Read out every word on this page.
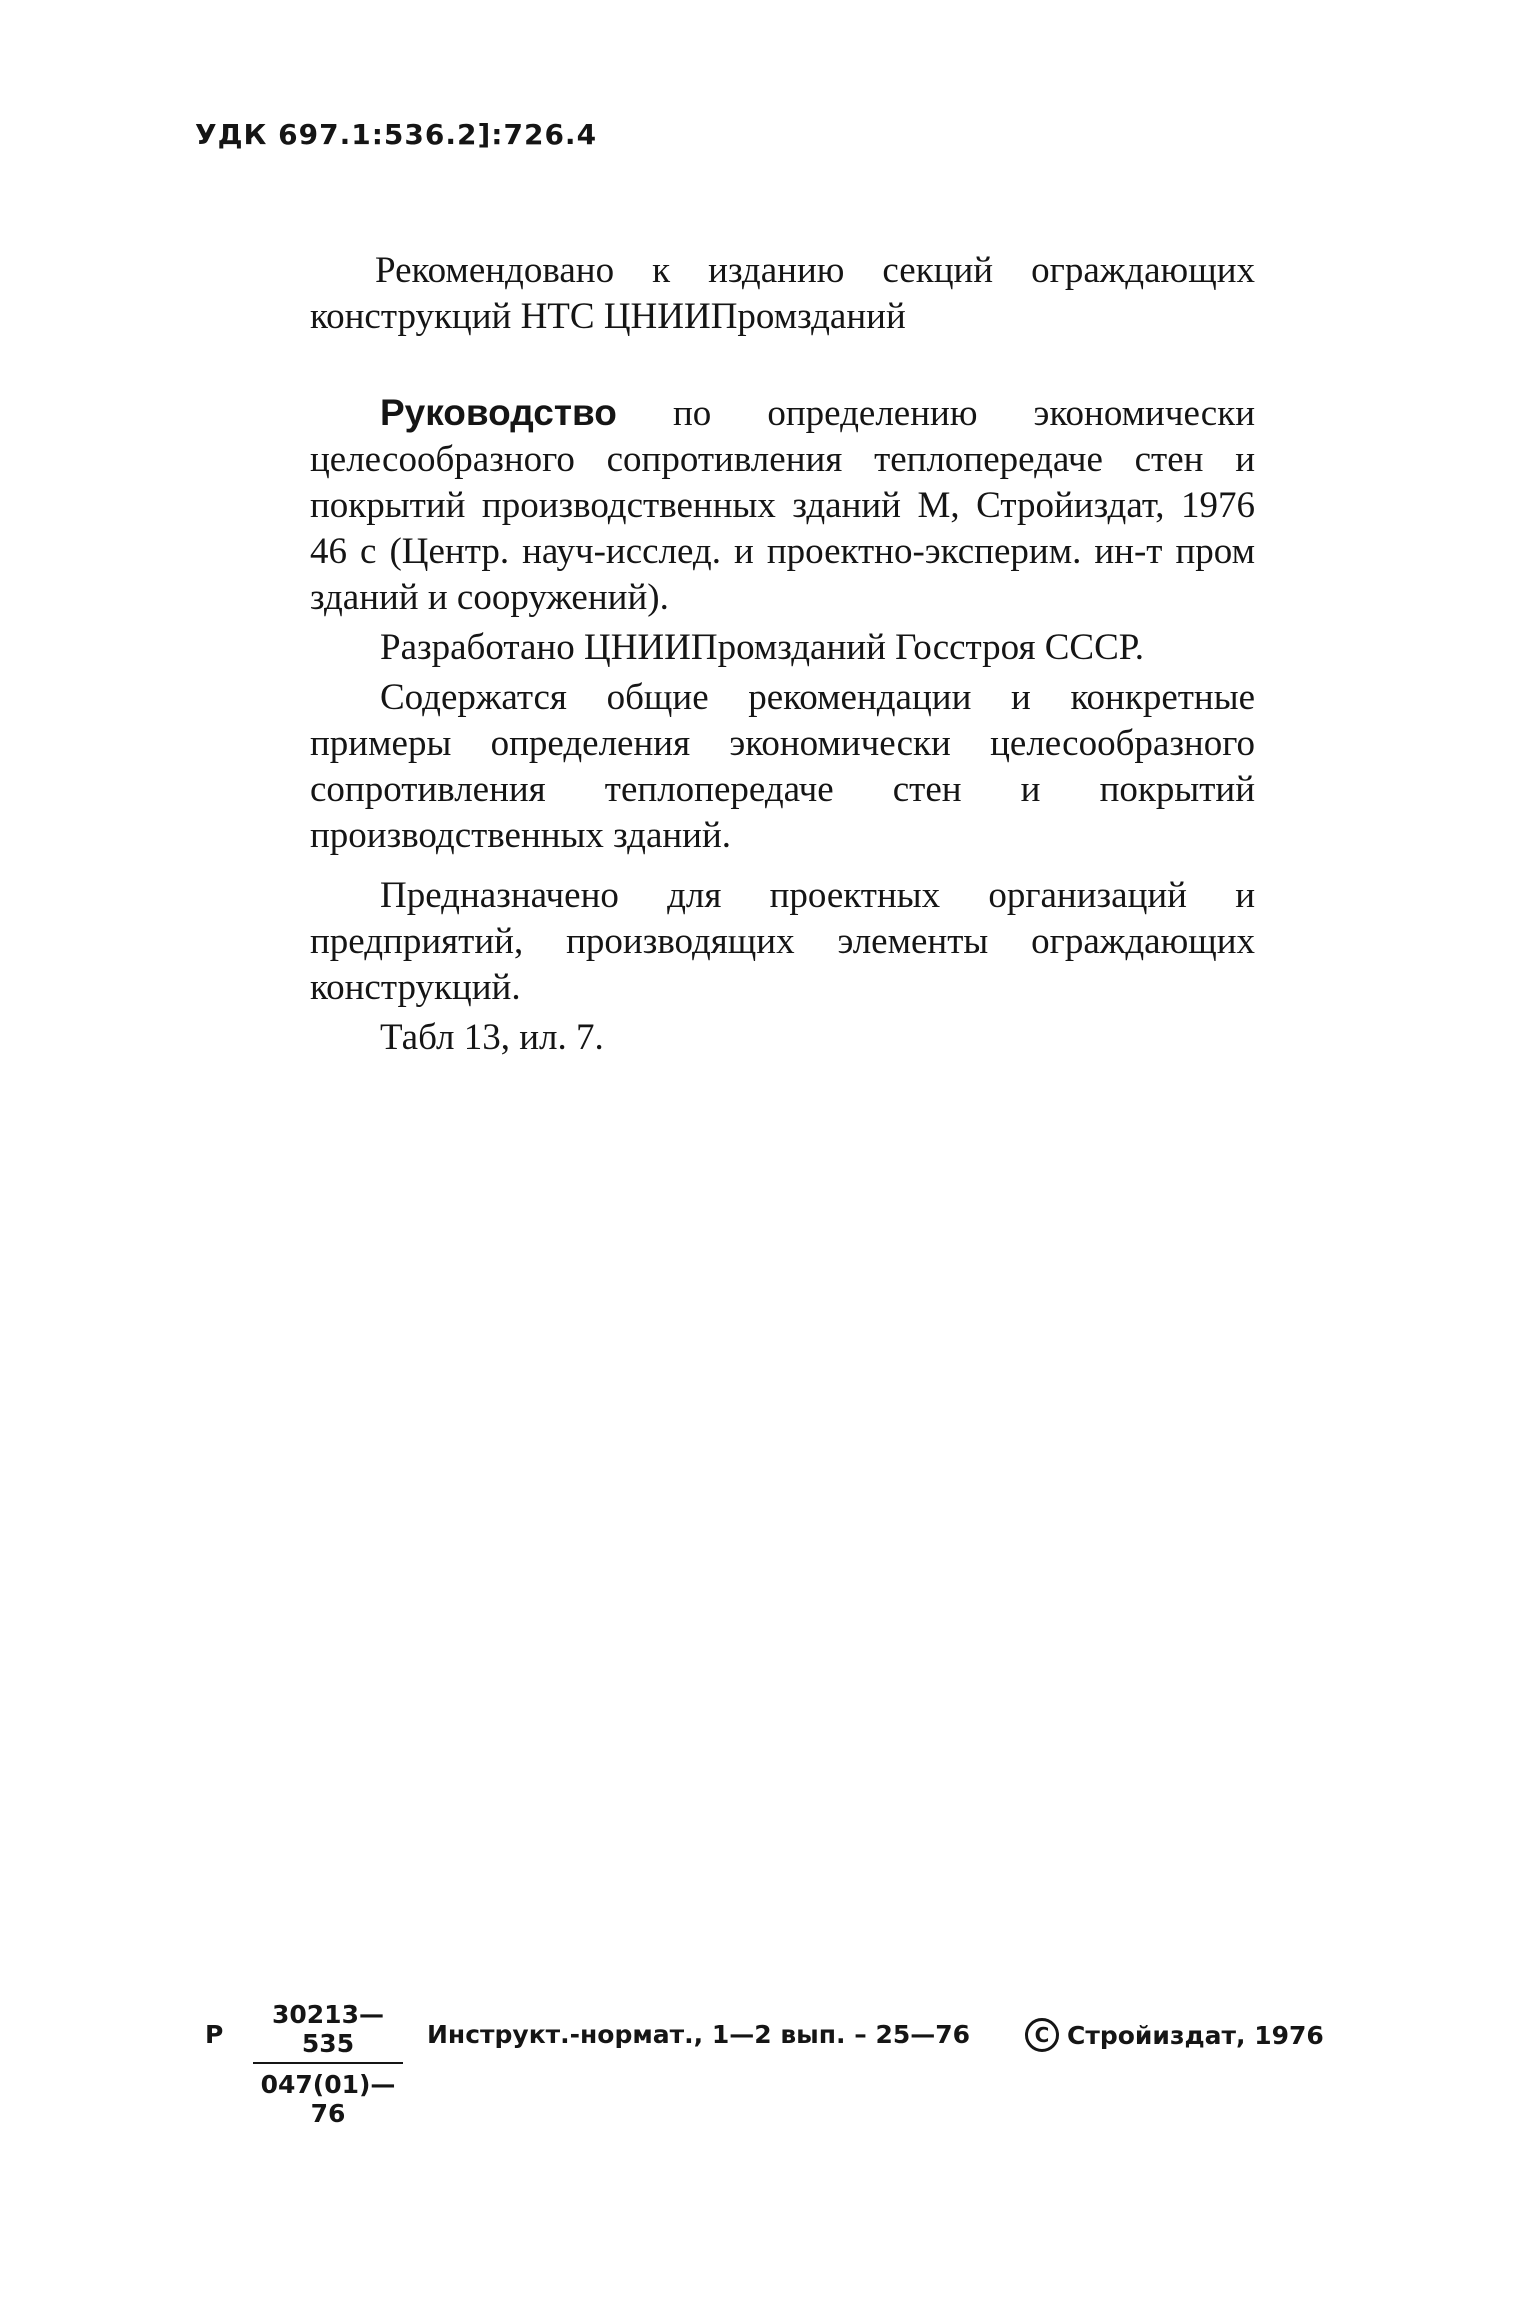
УДК 697.1:536.2]:726.4
Рекомендовано к изданию секций ограждающих конструкций НТС ЦНИИПромзданий

Руководство по определению экономически целесообразного сопротивления теплопередаче стен и покрытий производственных зданий М, Стройиздат, 1976 46 с (Центр. науч-исслед. и проектно-эксперим. ин-т пром зданий и сооружений).

Разработано ЦНИИПромзданий Госстроя СССР.

Содержатся общие рекомендации и конкретные примеры определения экономически целесообразного сопротивления теплопередаче стен и покрытий производственных зданий.

Предназначено для проектных организаций и предприятий, производящих элементы ограждающих конструкций.

Табл 13, ил. 7.

Р $\frac{30213—535}{047(01)—76}$ Инструкт.-нормат., 1—2 вып. – 25—76	C Стройиздат, 1976
